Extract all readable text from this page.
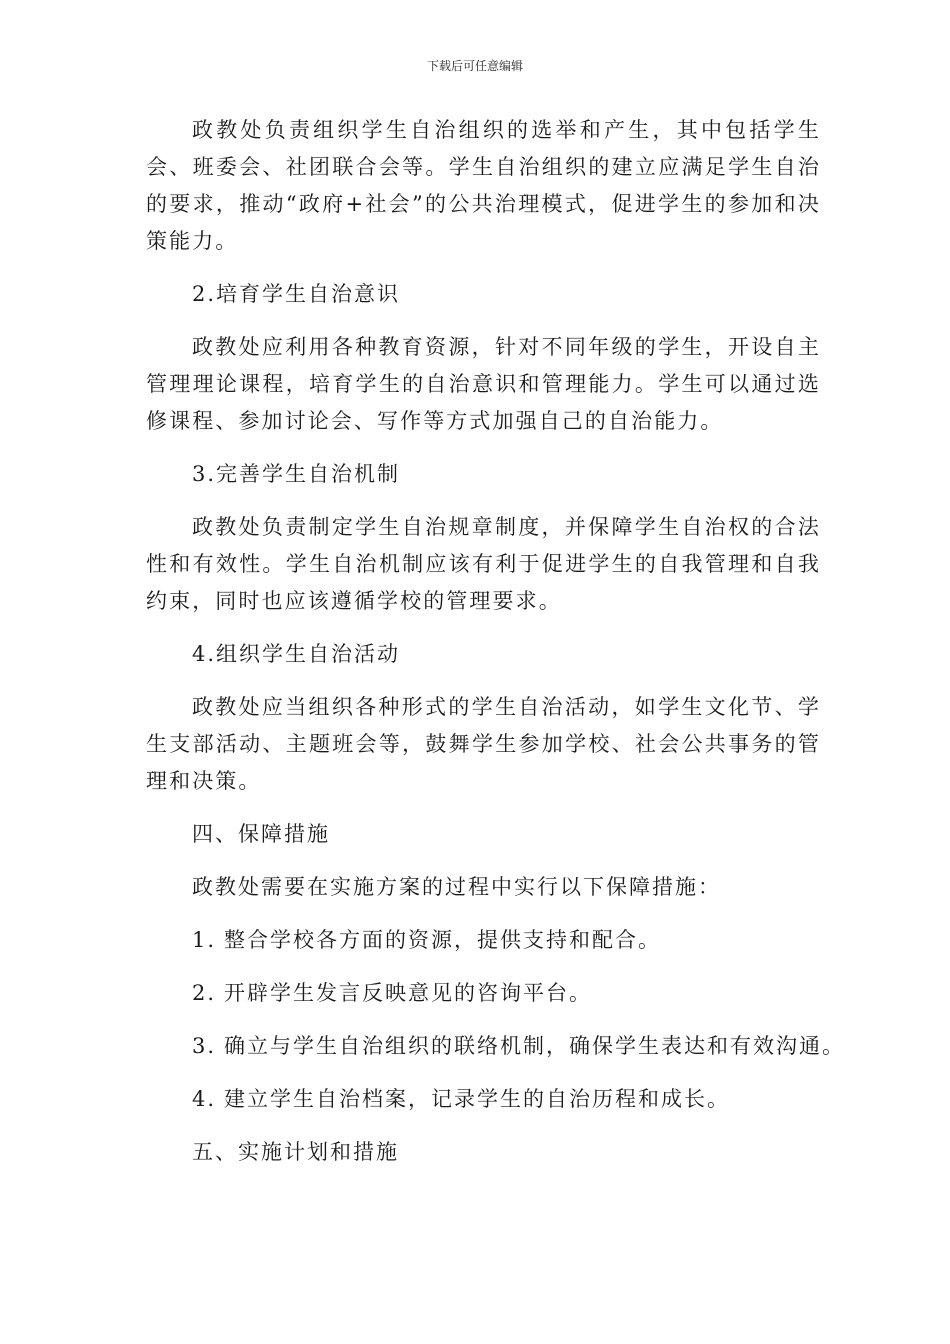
下载后可任意编辑

政教处负责组织学生自治组织的选举和产生，其中包括学生会、班委会、社团联合会等。学生自治组织的建立应满足学生自治的要求，推动“政府+社会”的公共治理模式，促进学生的参加和决策能力。

2.培育学生自治意识

政教处应利用各种教育资源，针对不同年级的学生，开设自主管理理论课程，培育学生的自治意识和管理能力。学生可以通过选修课程、参加讨论会、写作等方式加强自己的自治能力。

3.完善学生自治机制

政教处负责制定学生自治规章制度，并保障学生自治权的合法性和有效性。学生自治机制应该有利于促进学生的自我管理和自我约束，同时也应该遵循学校的管理要求。

4.组织学生自治活动

政教处应当组织各种形式的学生自治活动，如学生文化节、学生支部活动、主题班会等，鼓舞学生参加学校、社会公共事务的管理和决策。

四、保障措施
政教处需要在实施方案的过程中实行以下保障措施：
1. 整合学校各方面的资源，提供支持和配合。
2. 开辟学生发言反映意见的咨询平台。
3. 确立与学生自治组织的联络机制，确保学生表达和有效沟通。
4. 建立学生自治档案，记录学生的自治历程和成长。
五、实施计划和措施
